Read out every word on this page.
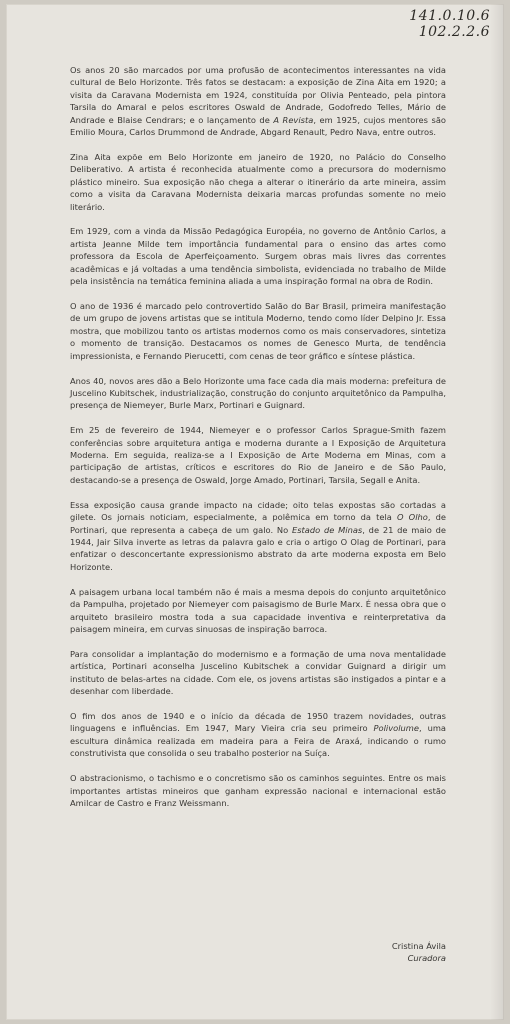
141.0.10.6
102.2.2.6

Os anos 20 são marcados por uma profusão de acontecimentos interessantes na vida cultural de Belo Horizonte. Três fatos se destacam: a exposição de Zina Aita em 1920; a visita da Caravana Modernista em 1924, constituída por Olivia Penteado, pela pintora Tarsila do Amaral e pelos escritores Oswald de Andrade, Godofredo Telles, Mário de Andrade e Blaise Cendrars; e o lançamento de A Revista, em 1925, cujos mentores são Emilio Moura, Carlos Drummond de Andrade, Abgard Renault, Pedro Nava, entre outros.

Zina Aita expõe em Belo Horizonte em janeiro de 1920, no Palácio do Conselho Deliberativo. A artista é reconhecida atualmente como a precursora do modernismo plástico mineiro. Sua exposição não chega a alterar o itinerário da arte mineira, assim como a visita da Caravana Modernista deixaria marcas profundas somente no meio literário.

Em 1929, com a vinda da Missão Pedagógica Européia, no governo de Antônio Carlos, a artista Jeanne Milde tem importância fundamental para o ensino das artes como professora da Escola de Aperfeiçoamento. Surgem obras mais livres das correntes acadêmicas e já voltadas a uma tendência simbolista, evidenciada no trabalho de Milde pela insistência na temática feminina aliada a uma inspiração formal na obra de Rodin.

O ano de 1936 é marcado pelo controvertido Salão do Bar Brasil, primeira manifestação de um grupo de jovens artistas que se intitula Moderno, tendo como líder Delpino Jr. Essa mostra, que mobilizou tanto os artistas modernos como os mais conservadores, sintetiza o momento de transição. Destacamos os nomes de Genesco Murta, de tendência impressionista, e Fernando Pierucetti, com cenas de teor gráfico e síntese plástica.

Anos 40, novos ares dão a Belo Horizonte uma face cada dia mais moderna: prefeitura de Juscelino Kubitschek, industrialização, construção do conjunto arquitetônico da Pampulha, presença de Niemeyer, Burle Marx, Portinari e Guignard.

Em 25 de fevereiro de 1944, Niemeyer e o professor Carlos Sprague-Smith fazem conferências sobre arquitetura antiga e moderna durante a I Exposição de Arquitetura Moderna. Em seguida, realiza-se a I Exposição de Arte Moderna em Minas, com a participação de artistas, críticos e escritores do Rio de Janeiro e de São Paulo, destacando-se a presença de Oswald, Jorge Amado, Portinari, Tarsila, Segall e Anita.

Essa exposição causa grande impacto na cidade; oito telas expostas são cortadas a gilete. Os jornais noticiam, especialmente, a polêmica em torno da tela O Olho, de Portinari, que representa a cabeça de um galo. No Estado de Minas, de 21 de maio de 1944, Jair Silva inverte as letras da palavra galo e cria o artigo O Olag de Portinari, para enfatizar o desconcertante expressionismo abstrato da arte moderna exposta em Belo Horizonte.

A paisagem urbana local também não é mais a mesma depois do conjunto arquitetônico da Pampulha, projetado por Niemeyer com paisagismo de Burle Marx. É nessa obra que o arquiteto brasileiro mostra toda a sua capacidade inventiva e reinterpretativa da paisagem mineira, em curvas sinuosas de inspiração barroca.

Para consolidar a implantação do modernismo e a formação de uma nova mentalidade artística, Portinari aconselha Juscelino Kubitschek a convidar Guignard a dirigir um instituto de belas-artes na cidade. Com ele, os jovens artistas são instigados a pintar e a desenhar com liberdade.

O fim dos anos de 1940 e o início da década de 1950 trazem novidades, outras linguagens e influências. Em 1947, Mary Vieira cria seu primeiro Polivolume, uma escultura dinâmica realizada em madeira para a Feira de Araxá, indicando o rumo construtivista que consolida o seu trabalho posterior na Suíça.

O abstracionismo, o tachismo e o concretismo são os caminhos seguintes. Entre os mais importantes artistas mineiros que ganham expressão nacional e internacional estão Amilcar de Castro e Franz Weissmann.

Cristina Ávila
Curadora
